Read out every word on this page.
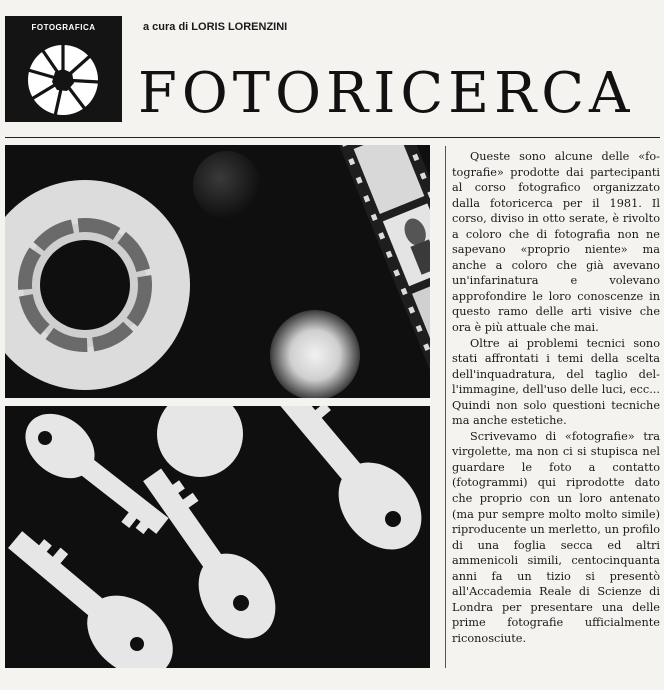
FOTOGRAFICA	a cura di LORIS LORENZINI
FOTORICERCA

Queste sono alcune delle «fotografie» prodotte dai partecipanti al corso fotografico organizzato dalla fotoricerca per il 1981. Il corso, diviso in otto serate, è rivolto a coloro che di fotografia non ne sapevano «proprio niente» ma anche a coloro che già avevano un'infarinatura e volevano approfondire le loro conoscenze in questo ramo delle arti visive che ora è più attuale che mai.

Oltre ai problemi tecnici sono stati affrontati i temi della scelta dell'inquadratura, del taglio dell'immagine, dell'uso delle luci, ecc... Quindi non solo questioni tecniche ma anche estetiche.

Scrivevamo di «fotografie» tra virgolette, ma non ci si stupisca nel guardare le foto a contatto (fotogrammi) qui riprodotte dato che proprio con un loro antenato (ma pur sempre molto molto simile) riproducente un merletto, un profilo di una foglia secca ed altri ammenicoli simili, centocinquanta anni fa un tizio si presentò all'Accademia Reale di Scienze di Londra per presentare una delle prime fotografie ufficialmente riconosciute.
